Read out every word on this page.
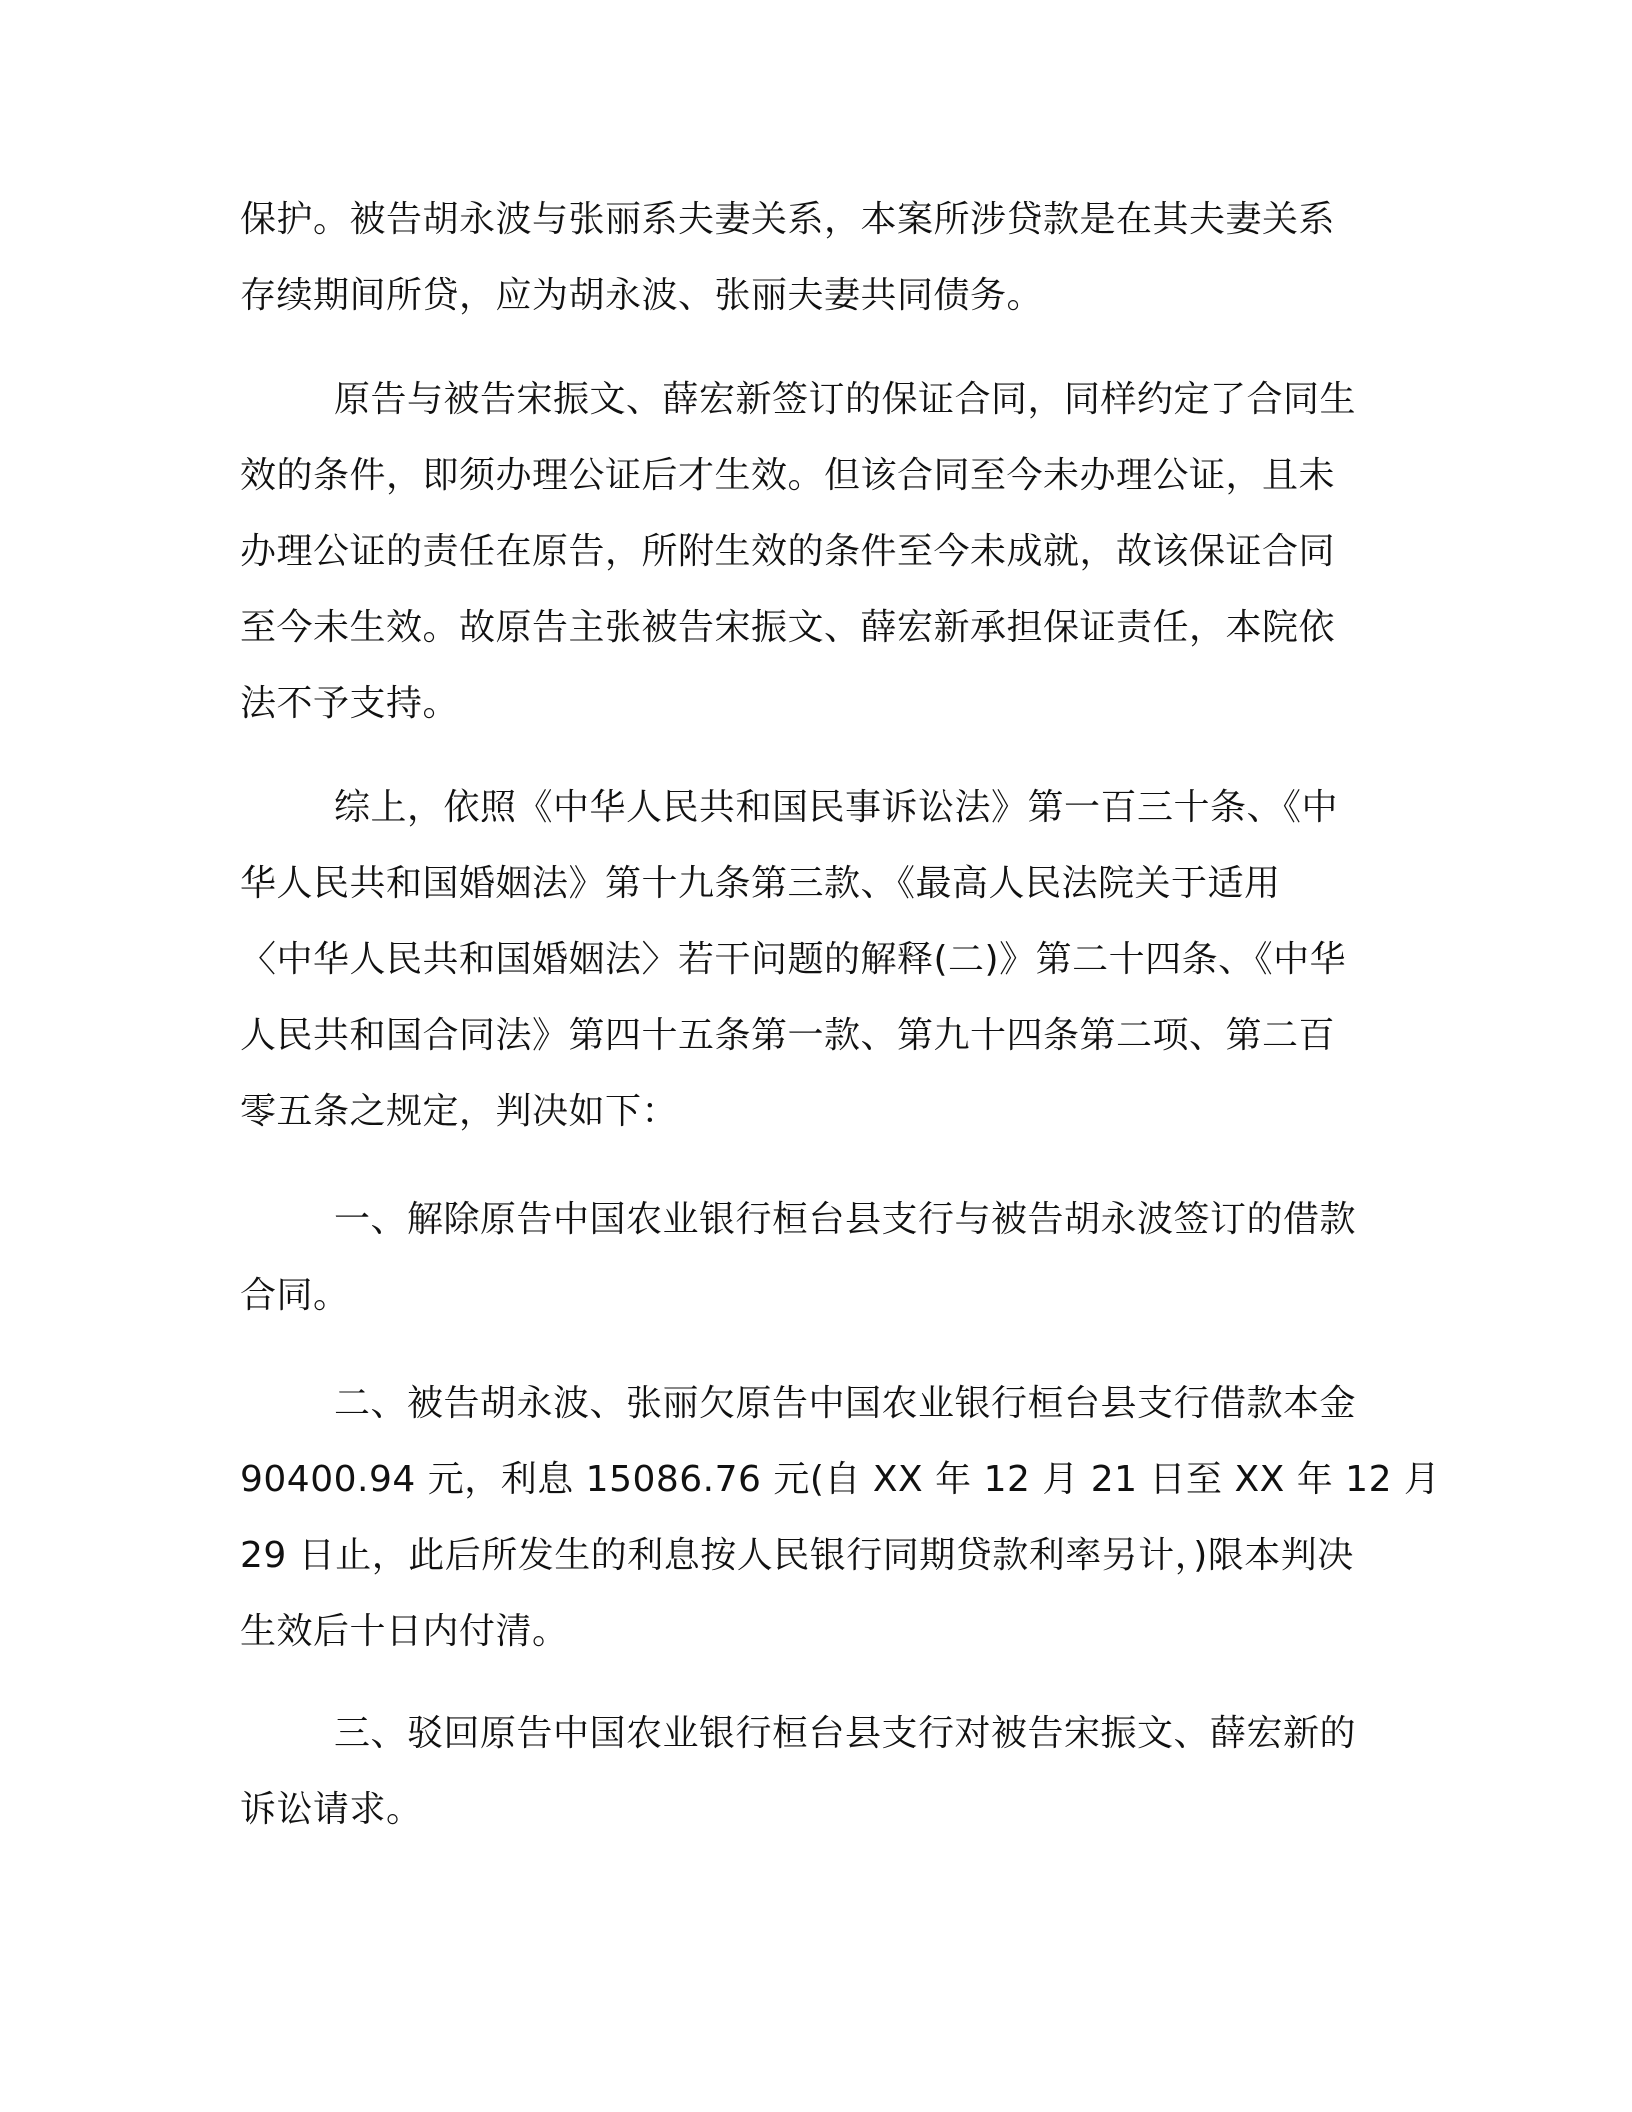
保护。被告胡永波与张丽系夫妻关系，本案所涉贷款是在其夫妻关系
存续期间所贷，应为胡永波、张丽夫妻共同债务。

原告与被告宋振文、薛宏新签订的保证合同，同样约定了合同生
效的条件，即须办理公证后才生效。但该合同至今未办理公证，且未
办理公证的责任在原告，所附生效的条件至今未成就，故该保证合同
至今未生效。故原告主张被告宋振文、薛宏新承担保证责任，本院依
法不予支持。

综上，依照《中华人民共和国民事诉讼法》第一百三十条、《中
华人民共和国婚姻法》第十九条第三款、《最高人民法院关于适用
〈中华人民共和国婚姻法〉若干问题的解释(二)》第二十四条、《中华
人民共和国合同法》第四十五条第一款、第九十四条第二项、第二百
零五条之规定，判决如下：

一、解除原告中国农业银行桓台县支行与被告胡永波签订的借款
合同。

二、被告胡永波、张丽欠原告中国农业银行桓台县支行借款本金
90400.94 元，利息 15086.76 元(自 XX 年 12 月 21 日至 XX 年 12 月
29 日止，此后所发生的利息按人民银行同期贷款利率另计，)限本判决
生效后十日内付清。

三、驳回原告中国农业银行桓台县支行对被告宋振文、薛宏新的
诉讼请求。
